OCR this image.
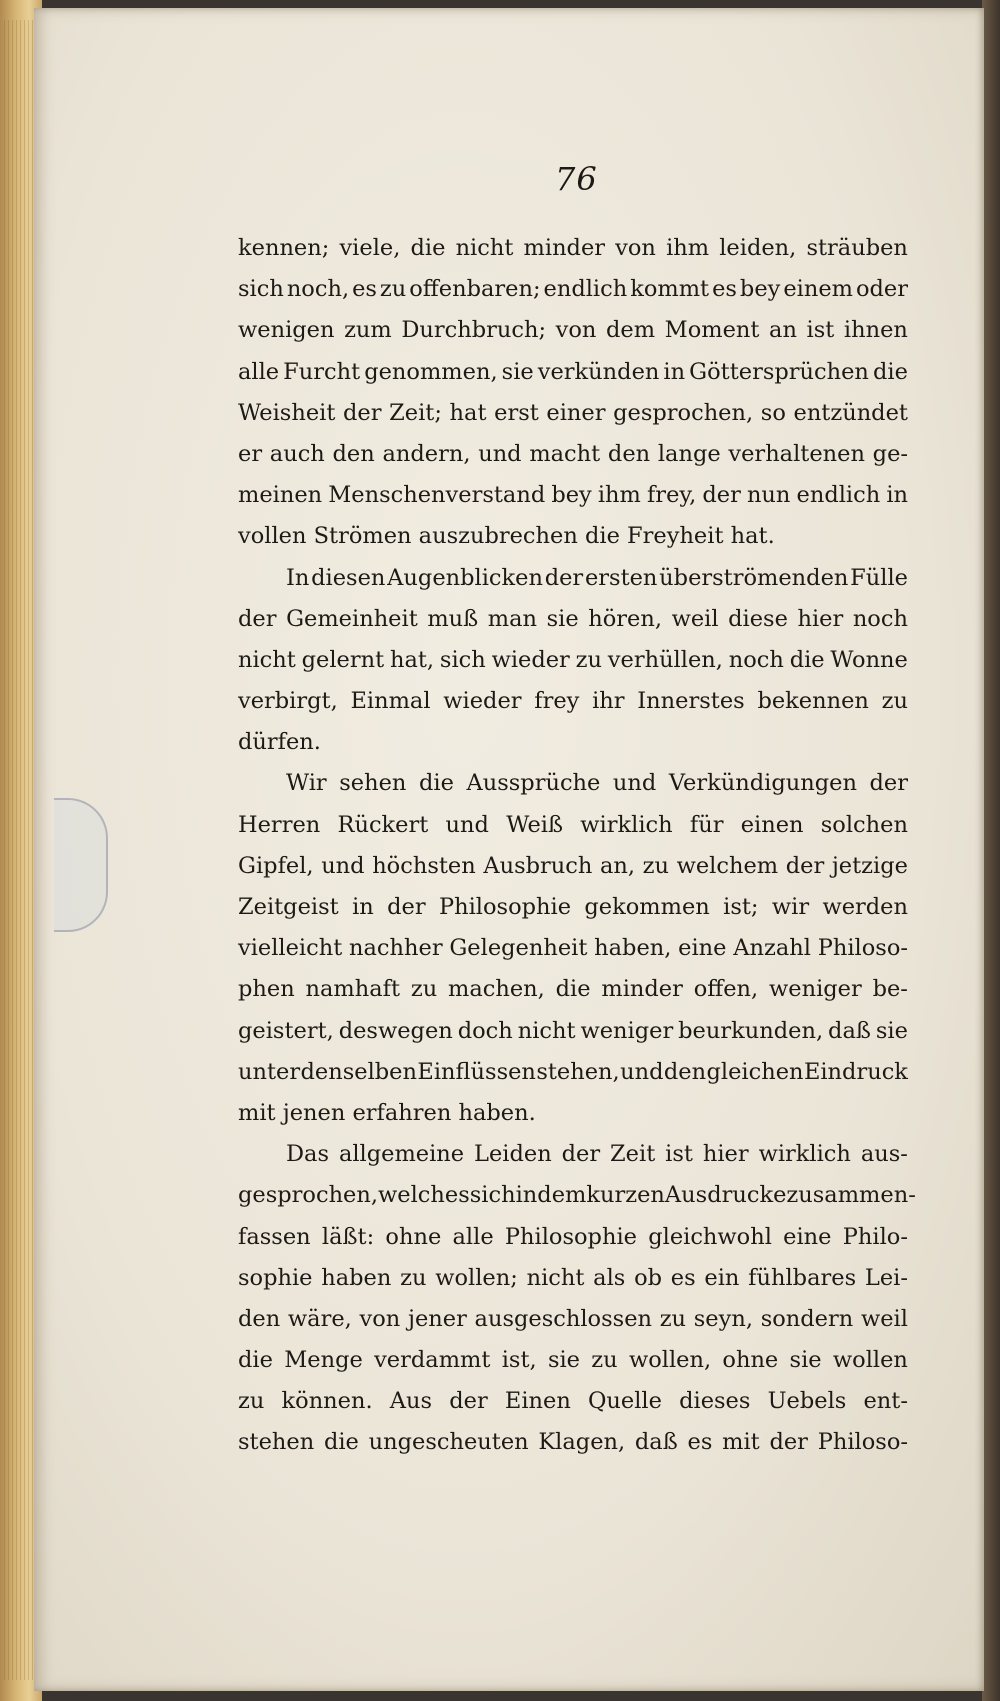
76
kennen; viele, die nicht minder von ihm leiden, sträuben
sich noch, es zu offenbaren; endlich kommt es bey einem oder
wenigen zum Durchbruch; von dem Moment an ist ihnen
alle Furcht genommen, sie verkünden in Göttersprüchen die
Weisheit der Zeit; hat erst einer gesprochen, so entzündet
er auch den andern, und macht den lange verhaltenen ge-
meinen Menschenverstand bey ihm frey, der nun endlich in
vollen Strömen auszubrechen die Freyheit hat.
In diesen Augenblicken der ersten überströmenden Fülle
der Gemeinheit muß man sie hören, weil diese hier noch
nicht gelernt hat, sich wieder zu verhüllen, noch die Wonne
verbirgt, Einmal wieder frey ihr Innerstes bekennen zu
dürfen.
Wir sehen die Aussprüche und Verkündigungen der
Herren Rückert und Weiß wirklich für einen solchen
Gipfel, und höchsten Ausbruch an, zu welchem der jetzige
Zeitgeist in der Philosophie gekommen ist; wir werden
vielleicht nachher Gelegenheit haben, eine Anzahl Philoso-
phen namhaft zu machen, die minder offen, weniger be-
geistert, deswegen doch nicht weniger beurkunden, daß sie
unter denselben Einflüssen stehen, und den gleichen Eindruck
mit jenen erfahren haben.
Das allgemeine Leiden der Zeit ist hier wirklich aus-
gesprochen, welches sich in dem kurzen Ausdrucke zusammen-
fassen läßt: ohne alle Philosophie gleichwohl eine Philo-
sophie haben zu wollen; nicht als ob es ein fühlbares Lei-
den wäre, von jener ausgeschlossen zu seyn, sondern weil
die Menge verdammt ist, sie zu wollen, ohne sie wollen
zu können. Aus der Einen Quelle dieses Uebels ent-
stehen die ungescheuten Klagen, daß es mit der Philoso-
